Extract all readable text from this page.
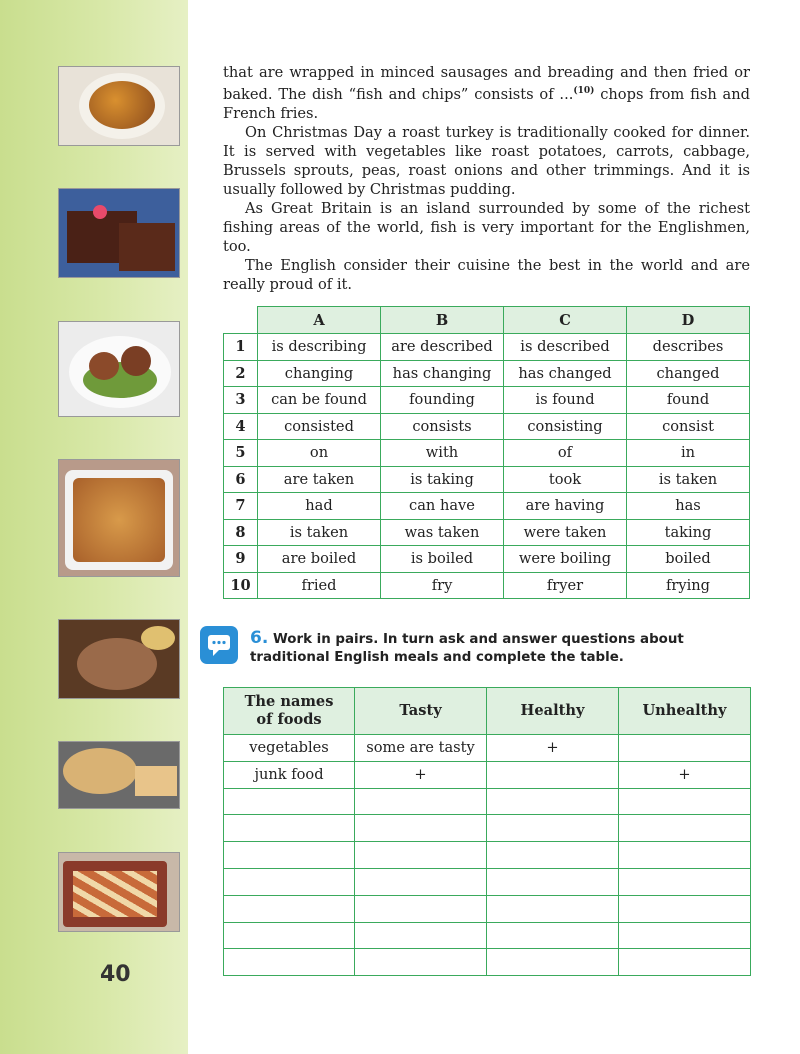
40

that are wrapped in minced sausages and breading and then fried or baked. The dish “fish and chips” consists of ...$^{(10)}$ chops from fish and French fries.

On Christmas Day a roast turkey is traditionally cooked for dinner. It is served with vegetables like roast potatoes, carrots, cabbage, Brussels sprouts, peas, roast onions and other trimmings. And it is usually followed by Christmas pudding.

As Great Britain is an island surrounded by some of the richest fishing areas of the world, fish is very important for the Englishmen, too.

The English consider their cuisine the best in the world and are really proud of it.

	A	B	C	D
1	is describing	are described	is described	describes
2	changing	has changing	has changed	changed
3	can be found	founding	is found	found
4	consisted	consists	consisting	consist
5	on	with	of	in
6	are taken	is taking	took	is taken
7	had	can have	are having	has
8	is taken	was taken	were taken	taking
9	are boiled	is boiled	were boiling	boiled
10	fried	fry	fryer	frying
6. Work in pairs. In turn ask and answer questions about traditional English meals and complete the table.
The names
of foods	Tasty	Healthy	Unhealthy
vegetables	some are tasty	+	
junk food	+		+
